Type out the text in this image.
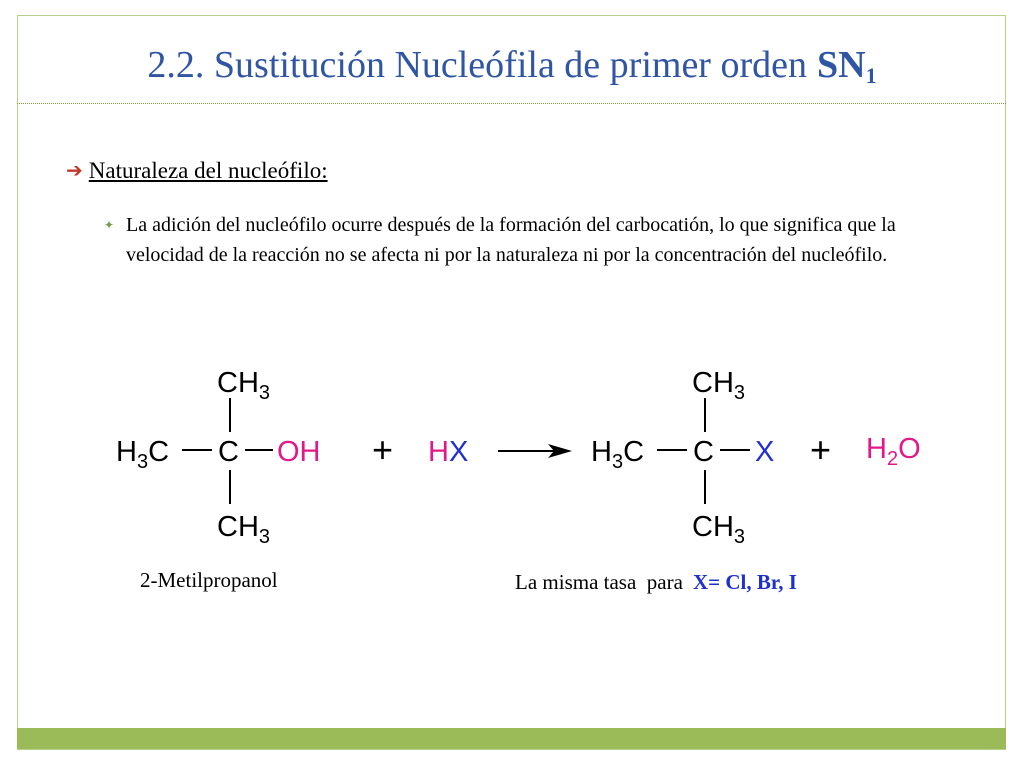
2.2. Sustitución Nucleófila de primer orden $SN_1$
➔ Naturaleza del nucleófilo:
✦ La adición del nucleófilo ocurre después de la formación del carbocatión, lo que significa que la velocidad de la reacción no se afecta ni por la naturaleza ni por la concentración del nucleófilo.
$CH_3$
$H_3C$ C OH
$CH_3$
+ HX
$CH_3$
$H_3C$ C X
$CH_3$
+ $H_2O$
2-Metilpropanol	La misma tasa  para X= Cl, Br, I
